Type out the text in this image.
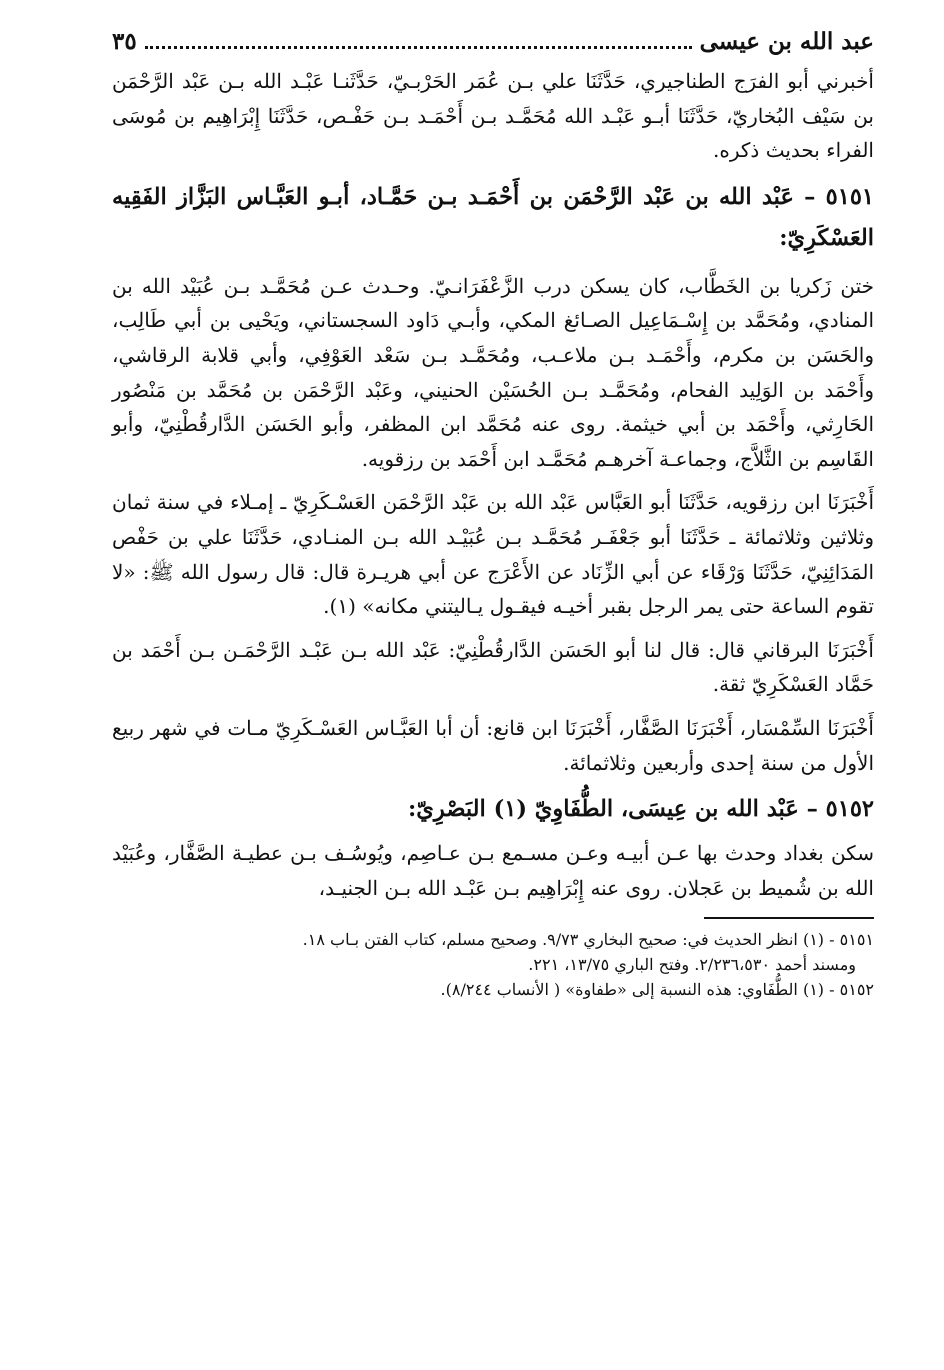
عبد الله بن عيسى
٣٥

أخبرني أبو الفرَج الطناجيري، حَدَّثَنَا علي بـن عُمَر الحَرْبـيّ، حَدَّثَنـا عَبْـد الله بـن عَبْد الرَّحْمَن بن سَيْف البُخاريّ، حَدَّثَنَا أبـو عَبْـد الله مُحَمَّـد بـن أَحْمَـد بـن حَفْـص، حَدَّثَنَا إِبْرَاهِيم بن مُوسَى الفراء بحديث ذكره.

٥١٥١ – عَبْد الله بن عَبْد الرَّحْمَن بن أَحْمَـد بـن حَمَّـاد، أبـو العَبَّـاس البَزَّاز الفَقِيه العَسْكَرِيّ:

ختن زَكريا بن الخَطَّاب، كان يسكن درب الزَّعْفَرَانـيّ. وحـدث عـن مُحَمَّـد بـن عُبَيْد الله بن المنادي، ومُحَمَّد بن إِسْـمَاعِيل الصـائغ المكي، وأبـي دَاود السجستاني، ويَحْيى بن أبي طَالِب، والحَسَن بن مكرم، وأَحْمَـد بـن ملاعـب، ومُحَمَّـد بـن سَعْد العَوْفِي، وأبي قلابة الرقاشي، وأَحْمَد بن الوَلِيد الفحام، ومُحَمَّـد بـن الحُسَيْن الحنيني، وعَبْد الرَّحْمَن بن مُحَمَّد بن مَنْصُور الحَارِثي، وأَحْمَد بن أبي خيثمة. روى عنه مُحَمَّد ابن المظفر، وأبو الحَسَن الدَّارقُطْنِيّ، وأبو القَاسِم بن الثَّلاَّج، وجماعـة آخرهـم مُحَمَّـد ابن أَحْمَد بن رزقويه.

أَخْبَرَنَا ابن رزقويه، حَدَّثَنَا أبو العَبَّاس عَبْد الله بن عَبْد الرَّحْمَن العَسْـكَرِيّ ـ إمـلاء في سنة ثمان وثلاثين وثلاثمائة ـ حَدَّثَنَا أبو جَعْفَـر مُحَمَّـد بـن عُبَيْـد الله بـن المنـادي، حَدَّثَنَا علي بن حَفْص المَدَائِنِيّ، حَدَّثَنَا وَرْقَاء عن أبي الزِّنَاد عن الأَعْرَج عن أبي هريـرة قال: قال رسول الله ﷺ: «لا تقوم الساعة حتى يمر الرجل بقبر أخيـه فيقـول يـاليتني مكانه» (١).

أَخْبَرَنَا البرقاني قال: قال لنا أبو الحَسَن الدَّارقُطْنِيّ: عَبْد الله بـن عَبْـد الرَّحْمَـن بـن أَحْمَد بن حَمَّاد العَسْكَرِيّ ثقة.

أَخْبَرَنَا السِّمْسَار، أَخْبَرَنَا الصَّفَّار، أَخْبَرَنَا ابن قانع: أن أبا العَبَّـاس العَسْـكَرِيّ مـات في شهر ربيع الأول من سنة إحدى وأربعين وثلاثمائة.

٥١٥٢ – عَبْد الله بن عِيسَى، الطُّفَاوِيّ (١) البَصْرِيّ:

سكن بغداد وحدث بها عـن أبيـه وعـن مسـمع بـن عـاصِم، ويُوسُـف بـن عطيـة الصَّفَّار، وعُبَيْد الله بن شُميط بن عَجلان. روى عنه إِبْرَاهِيم بـن عَبْـد الله بـن الجنيـد،

٥١٥١ - (١) انظر الحديث في: صحيح البخاري ٩/٧٣. وصحيح مسلم، كتاب الفتن بـاب ١٨.

ومسند أحمد ٢/٢٣٦،٥٣٠. وفتح الباري ١٣/٧٥، ٢٢١.

٥١٥٢ - (١) الطُّفَاوي: هذه النسبة إلى «طفاوة» ( الأنساب ٨/٢٤٤).
